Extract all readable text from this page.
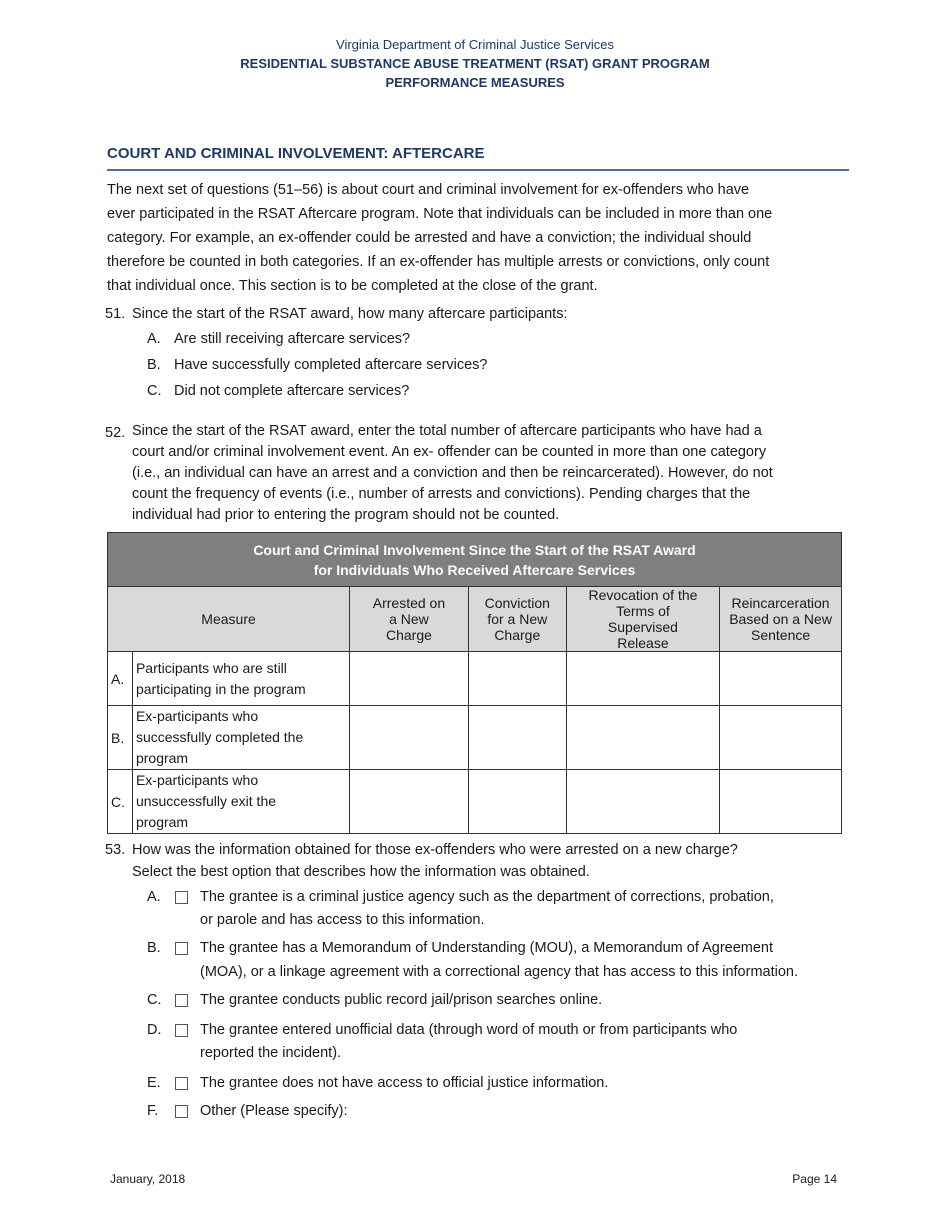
Virginia Department of Criminal Justice Services
RESIDENTIAL SUBSTANCE ABUSE TREATMENT (RSAT) GRANT PROGRAM
PERFORMANCE MEASURES
COURT AND CRIMINAL INVOLVEMENT: AFTERCARE
The next set of questions (51–56) is about court and criminal involvement for ex-offenders who have
ever participated in the RSAT Aftercare program. Note that individuals can be included in more than one
category. For example, an ex-offender could be arrested and have a conviction; the individual should
therefore be counted in both categories. If an ex-offender has multiple arrests or convictions, only count
that individual once. This section is to be completed at the close of the grant.
51. Since the start of the RSAT award, how many aftercare participants:
A. Are still receiving aftercare services?
B. Have successfully completed aftercare services?
C. Did not complete aftercare services?
52. Since the start of the RSAT award, enter the total number of aftercare participants who have had a
court and/or criminal involvement event. An ex- offender can be counted in more than one category
(i.e., an individual can have an arrest and a conviction and then be reincarcerated). However, do not
count the frequency of events (i.e., number of arrests and convictions). Pending charges that the
individual had prior to entering the program should not be counted.
Court and Criminal Involvement Since the Start of the RSAT Award
for Individuals Who Received Aftercare Services					

Measure		Arrested on a New Charge	Conviction for a New Charge	Revocation of the Terms of Supervised Release	Reincarceration Based on a New Sentence
A.	Participants who are still participating in the program				
B.	Ex-participants who successfully completed the program				
C.	Ex-participants who unsuccessfully exit the program				
53. How was the information obtained for those ex-offenders who were arrested on a new charge?
Select the best option that describes how the information was obtained.
A.	The grantee is a criminal justice agency such as the department of corrections, probation,
or parole and has access to this information.
B.	The grantee has a Memorandum of Understanding (MOU), a Memorandum of Agreement
(MOA), or a linkage agreement with a correctional agency that has access to this information.
C.	The grantee conducts public record jail/prison searches online.
D.	The grantee entered unofficial data (through word of mouth or from participants who
reported the incident).
E.	The grantee does not have access to official justice information.
F.	Other (Please specify):
January, 2018	Page 14
